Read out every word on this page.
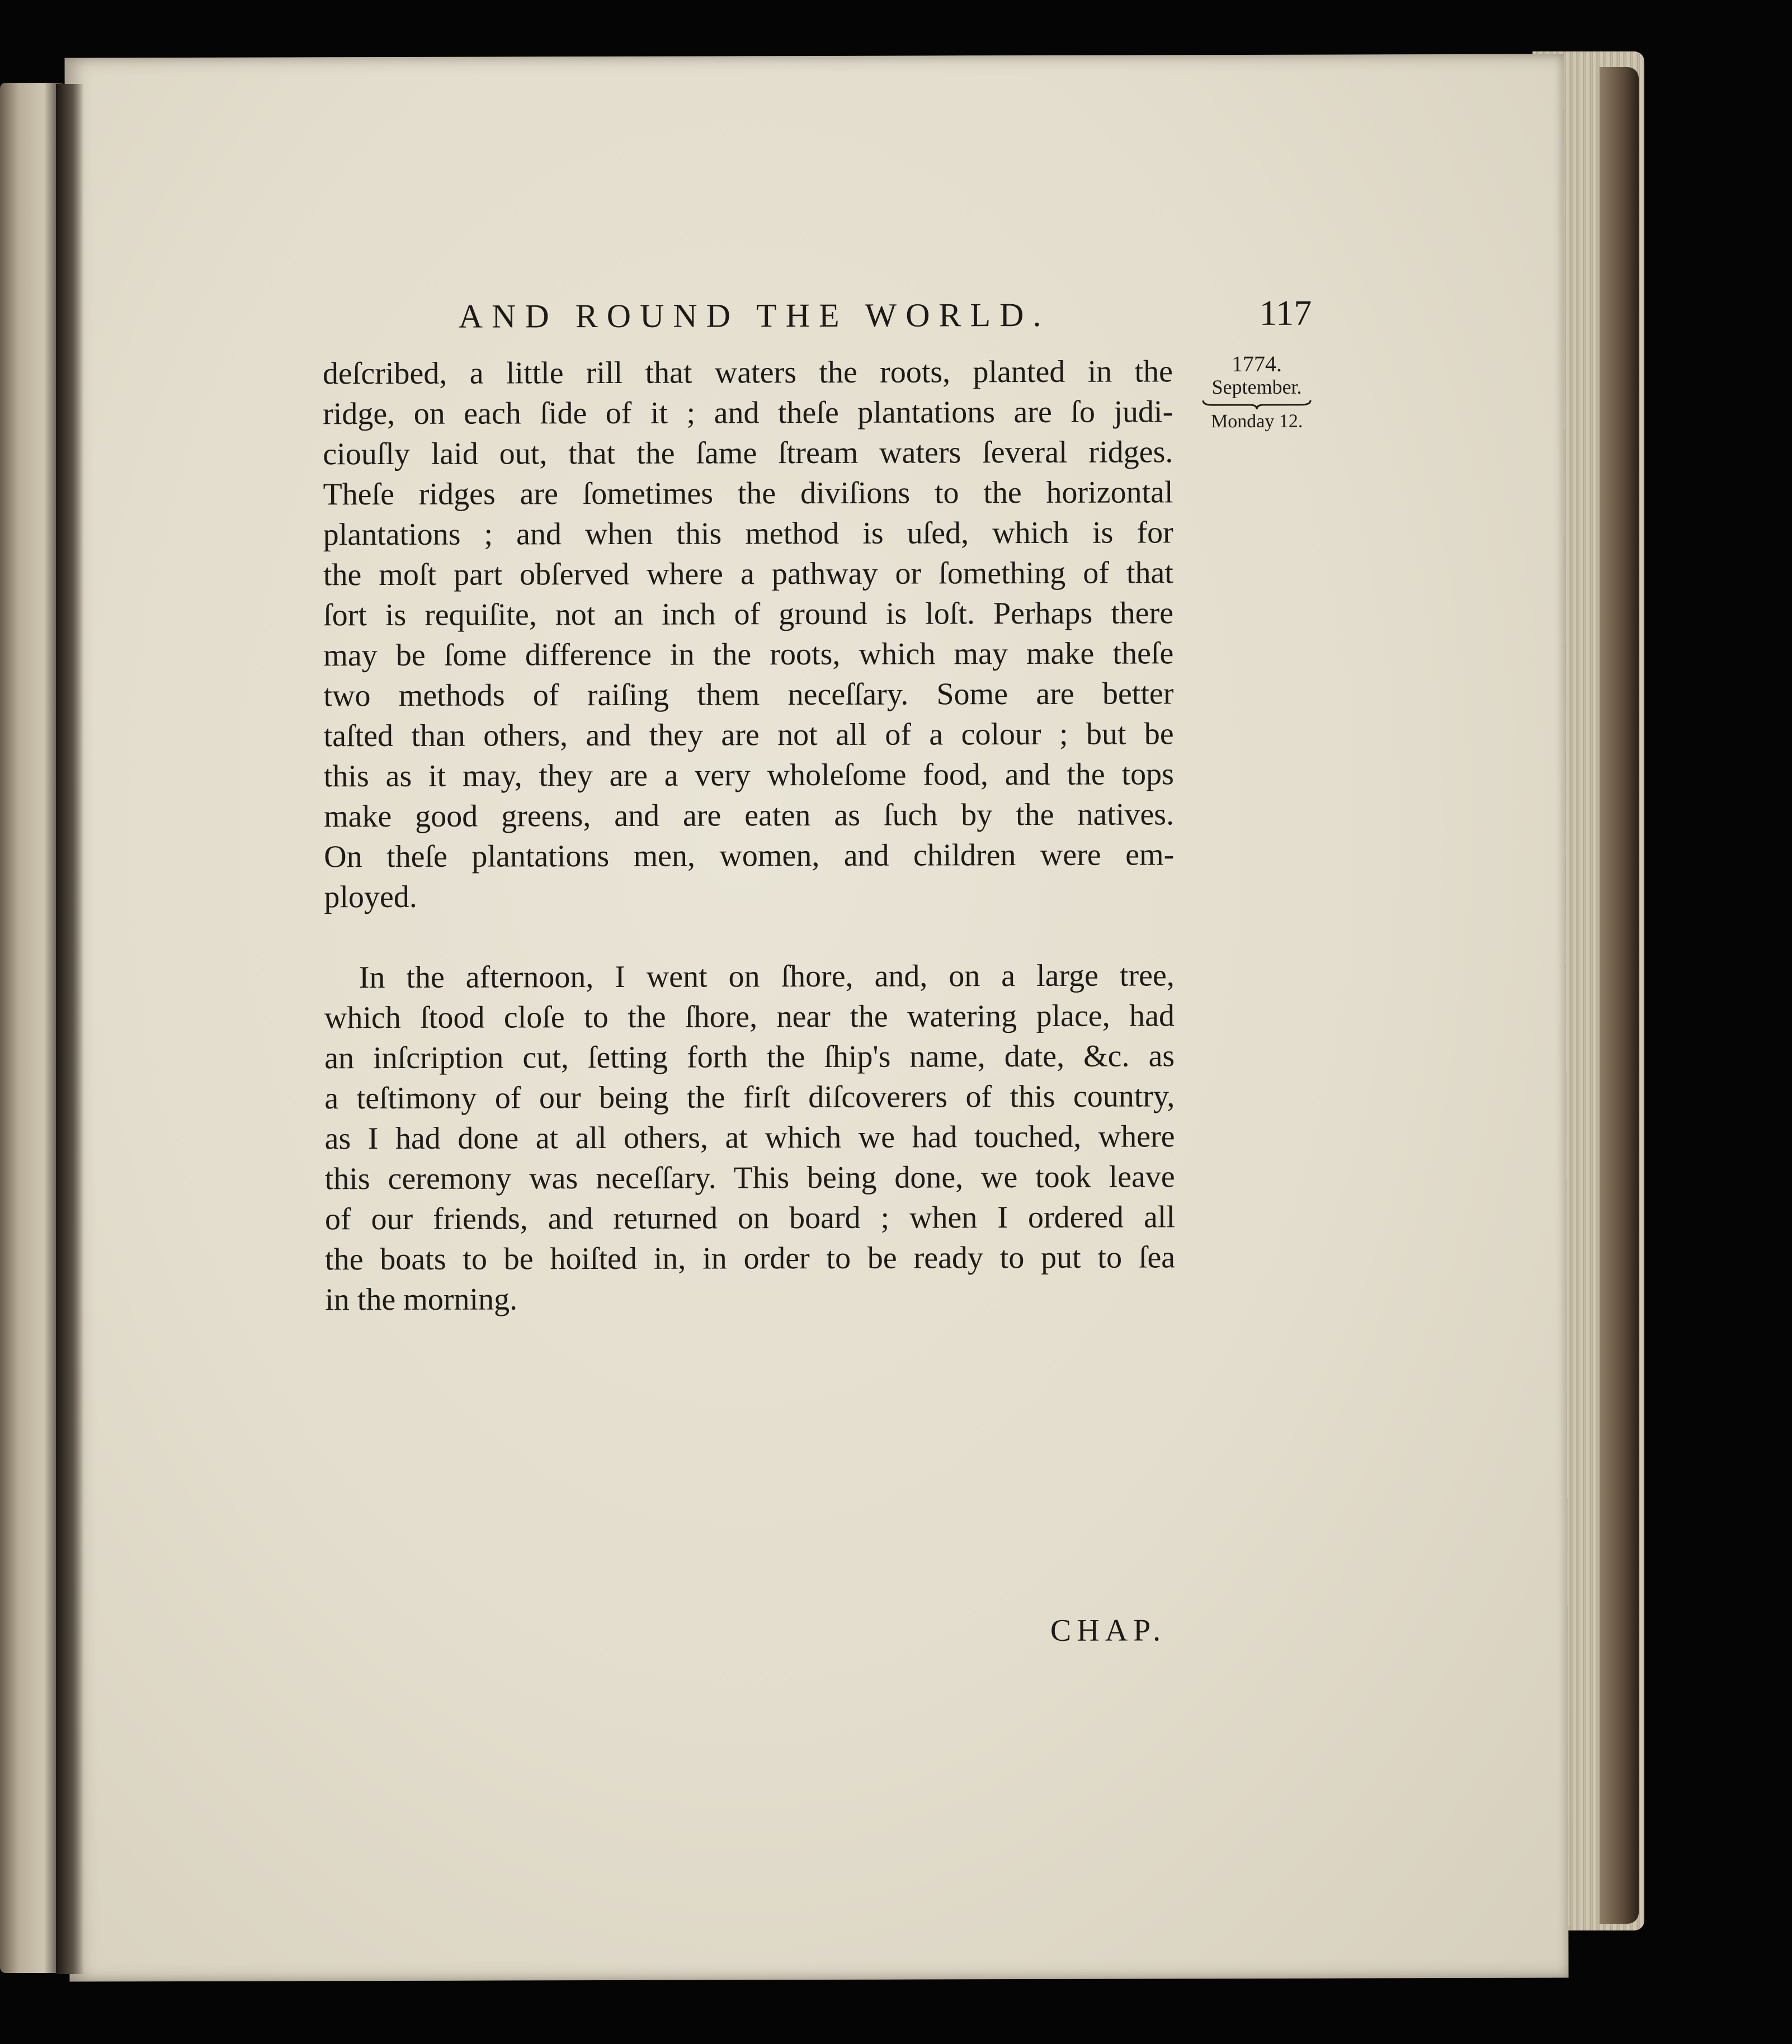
AND ROUND THE WORLD.	117
1774.
September.
Monday 12.
deſcribed, a little rill that waters the roots, planted in the
ridge, on each ſide of it ; and theſe plantations are ſo judi-
ciouſly laid out, that the ſame ſtream waters ſeveral ridges.
Theſe ridges are ſometimes the diviſions to the horizontal
plantations ; and when this method is uſed, which is for
the moſt part obſerved where a pathway or ſomething of that
ſort is requiſite, not an inch of ground is loſt. Perhaps there
may be ſome difference in the roots, which may make theſe
two methods of raiſing them neceſſary. Some are better
taſted than others, and they are not all of a colour ; but be
this as it may, they are a very wholeſome food, and the tops
make good greens, and are eaten as ſuch by the natives.
On theſe plantations men, women, and children were em-
ployed.
In the afternoon, I went on ſhore, and, on a large tree,
which ſtood cloſe to the ſhore, near the watering place, had
an inſcription cut, ſetting forth the ſhip's name, date, &c. as
a teſtimony of our being the firſt diſcoverers of this country,
as I had done at all others, at which we had touched, where
this ceremony was neceſſary. This being done, we took leave
of our friends, and returned on board ; when I ordered all
the boats to be hoiſted in, in order to be ready to put to ſea
in the morning.
CHAP.
